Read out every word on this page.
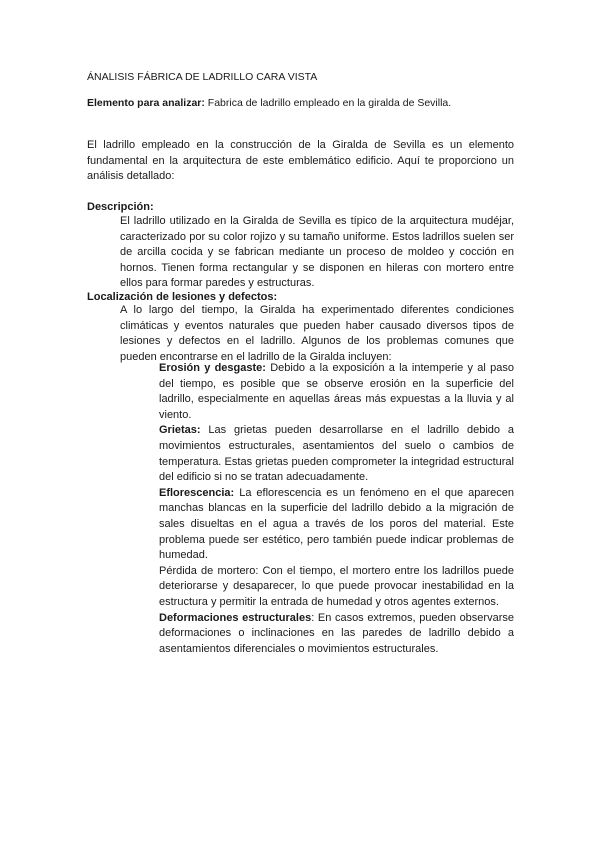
ÁNALISIS FÁBRICA DE LADRILLO CARA VISTA

Elemento para analizar: Fabrica de ladrillo empleado en la giralda de Sevilla.

El ladrillo empleado en la construcción de la Giralda de Sevilla es un elemento fundamental en la arquitectura de este emblemático edificio. Aquí te proporciono un análisis detallado:

Descripción:

El ladrillo utilizado en la Giralda de Sevilla es típico de la arquitectura mudéjar, caracterizado por su color rojizo y su tamaño uniforme. Estos ladrillos suelen ser de arcilla cocida y se fabrican mediante un proceso de moldeo y cocción en hornos. Tienen forma rectangular y se disponen en hileras con mortero entre ellos para formar paredes y estructuras.

Localización de lesiones y defectos:

A lo largo del tiempo, la Giralda ha experimentado diferentes condiciones climáticas y eventos naturales que pueden haber causado diversos tipos de lesiones y defectos en el ladrillo. Algunos de los problemas comunes que pueden encontrarse en el ladrillo de la Giralda incluyen:

Erosión y desgaste: Debido a la exposición a la intemperie y al paso del tiempo, es posible que se observe erosión en la superficie del ladrillo, especialmente en aquellas áreas más expuestas a la lluvia y al viento.

Grietas: Las grietas pueden desarrollarse en el ladrillo debido a movimientos estructurales, asentamientos del suelo o cambios de temperatura. Estas grietas pueden comprometer la integridad estructural del edificio si no se tratan adecuadamente.

Eflorescencia: La eflorescencia es un fenómeno en el que aparecen manchas blancas en la superficie del ladrillo debido a la migración de sales disueltas en el agua a través de los poros del material. Este problema puede ser estético, pero también puede indicar problemas de humedad.

Pérdida de mortero: Con el tiempo, el mortero entre los ladrillos puede deteriorarse y desaparecer, lo que puede provocar inestabilidad en la estructura y permitir la entrada de humedad y otros agentes externos.

Deformaciones estructurales: En casos extremos, pueden observarse deformaciones o inclinaciones en las paredes de ladrillo debido a asentamientos diferenciales o movimientos estructurales.
